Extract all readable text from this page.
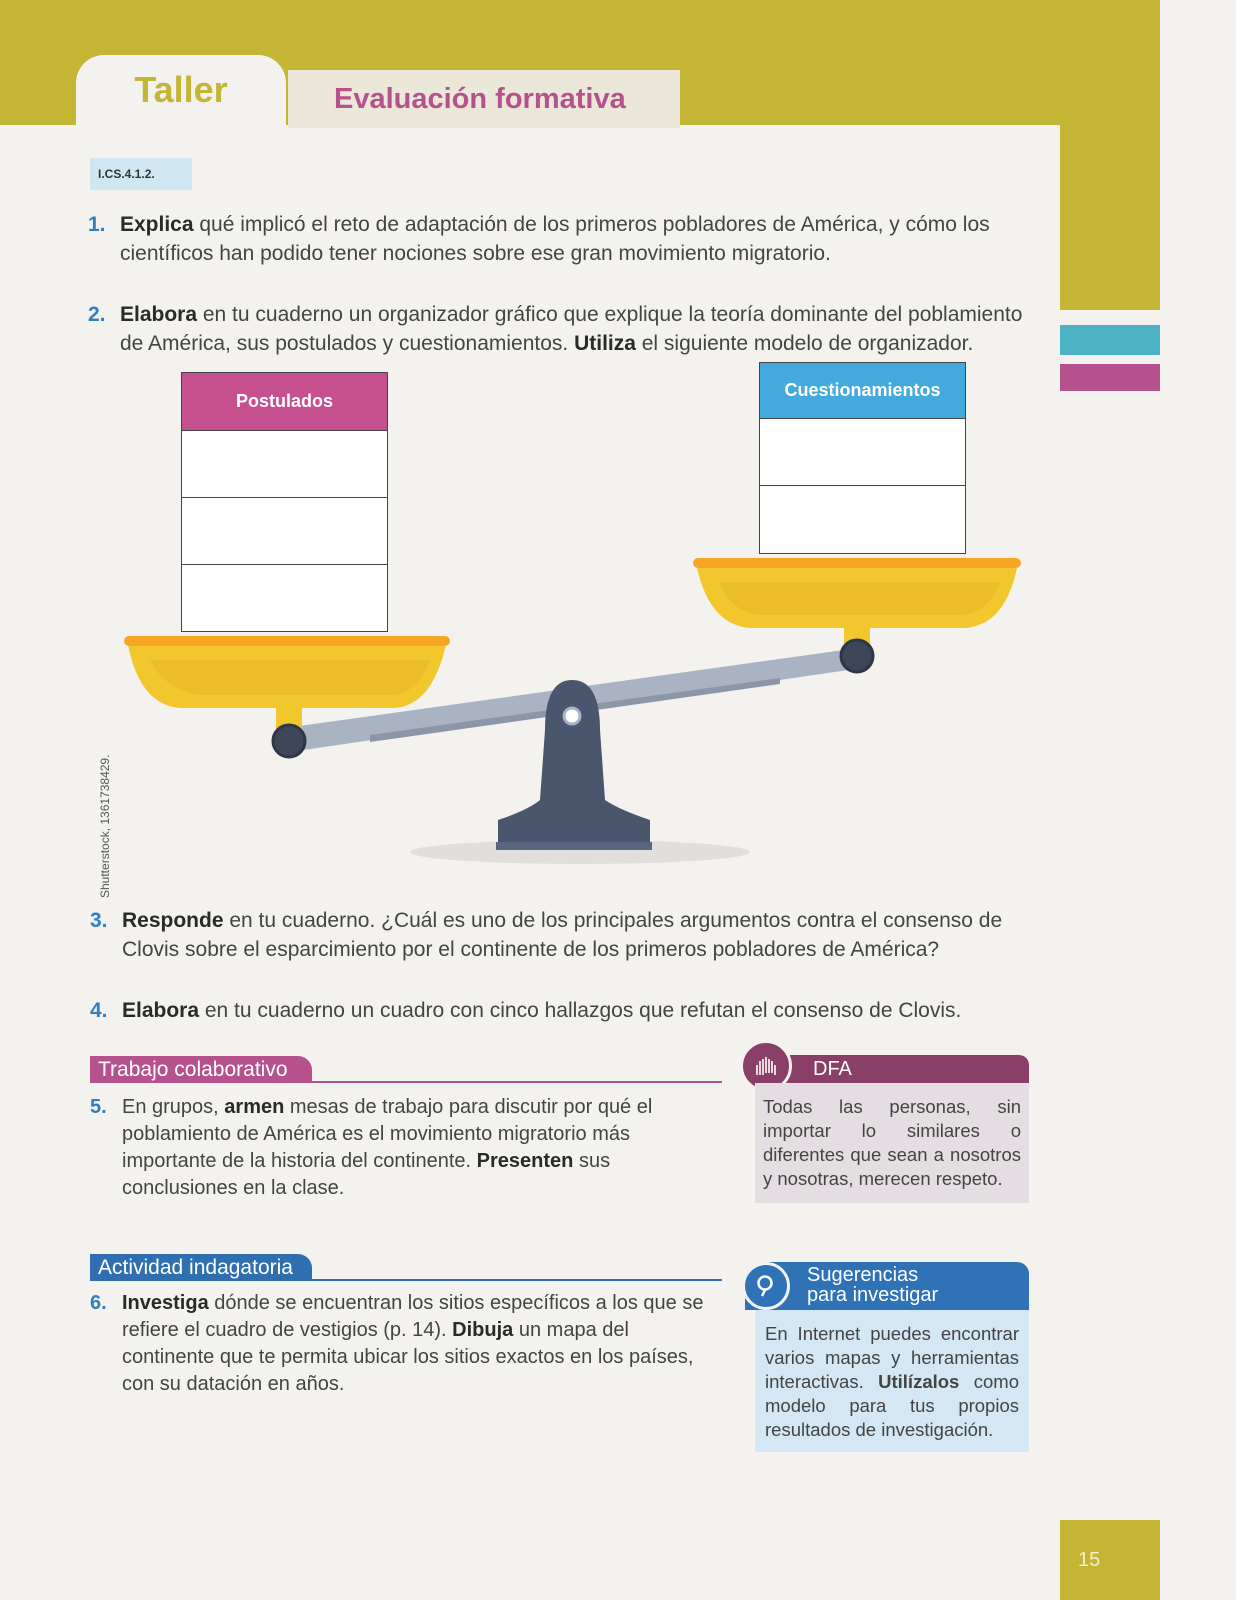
Taller	Evaluación formativa
I.CS.4.1.2.
1. Explica qué implicó el reto de adaptación de los primeros pobladores de América, y cómo los científicos han podido tener nociones sobre ese gran movimiento migratorio.
2. Elabora en tu cuaderno un organizador gráfico que explique la teoría dominante del poblamiento de América, sus postulados y cuestionamientos. Utiliza el siguiente modelo de organizador.
Postulados
Cuestionamientos
Shutterstock, 1361738429.
3. Responde en tu cuaderno. ¿Cuál es uno de los principales argumentos contra el consenso de Clovis sobre el esparcimiento por el continente de los primeros pobladores de América?
4. Elabora en tu cuaderno un cuadro con cinco hallazgos que refutan el consenso de Clovis.
Trabajo colaborativo
5. En grupos, armen mesas de trabajo para discutir por qué el poblamiento de América es el movimiento migratorio más importante de la historia del continente. Presenten sus conclusiones en la clase.
Actividad indagatoria
6. Investiga dónde se encuentran los sitios específicos a los que se refiere el cuadro de vestigios (p. 14). Dibuja un mapa del continente que te permita ubicar los sitios exactos en los países, con su datación en años.
DFA
Todas las personas, sin importar lo similares o diferentes que sean a nosotros y nosotras, merecen respeto.
Sugerencias
para investigar
En Internet puedes encontrar varios mapas y herramientas interactivas. Utilízalos como modelo para tus propios resultados de investigación.
15
